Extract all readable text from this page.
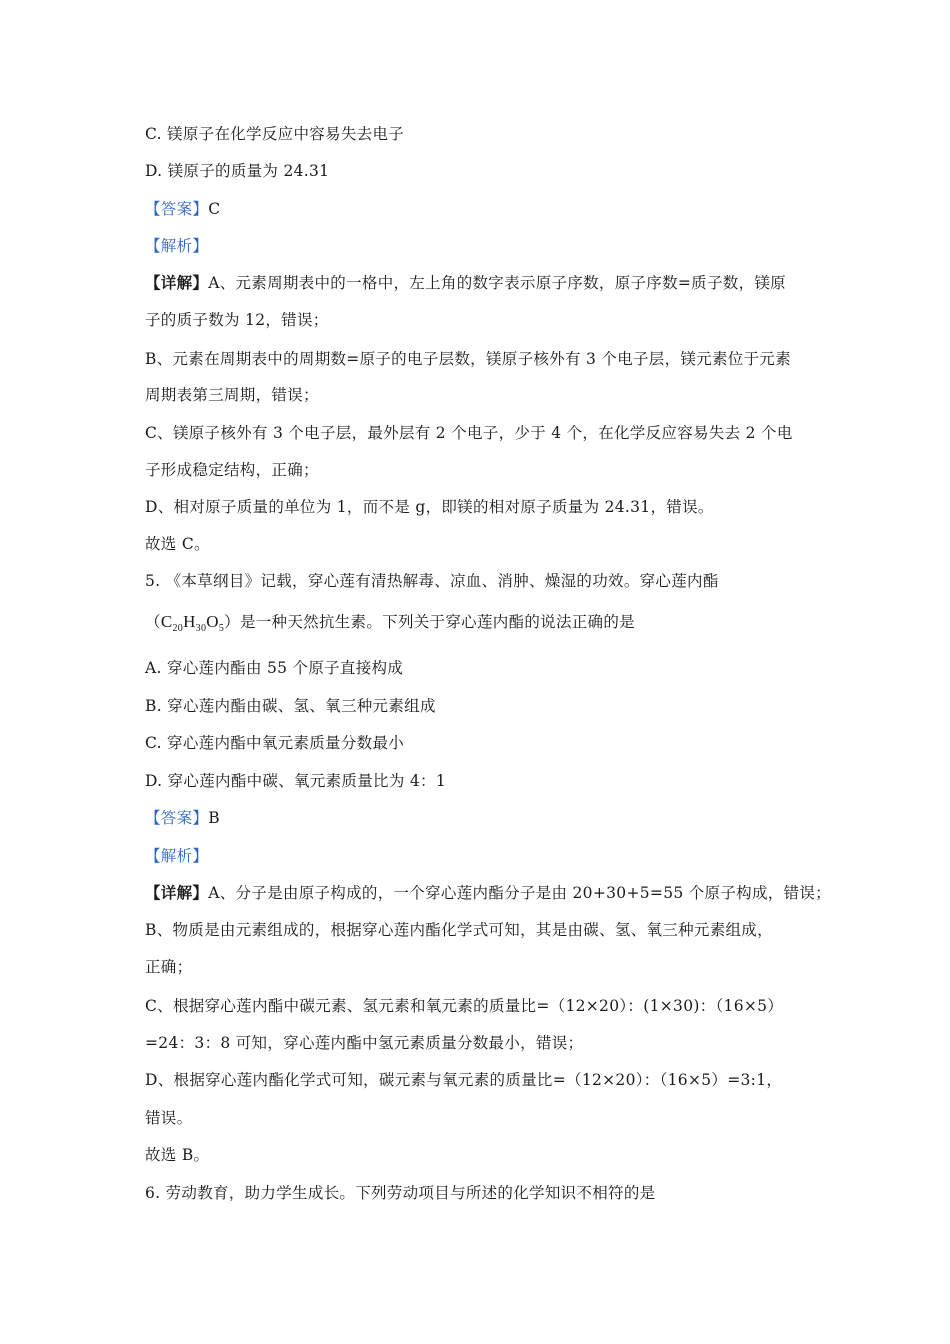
C. 镁原子在化学反应中容易失去电子
D. 镁原子的质量为 24.31
【答案】C
【解析】
【详解】A、元素周期表中的一格中，左上角的数字表示原子序数，原子序数=质子数，镁原
子的质子数为 12，错误；
B、元素在周期表中的周期数=原子的电子层数，镁原子核外有 3 个电子层，镁元素位于元素
周期表第三周期，错误；
C、镁原子核外有 3 个电子层，最外层有 2 个电子，少于 4 个，在化学反应容易失去 2 个电
子形成稳定结构，正确；
D、相对原子质量的单位为 1，而不是 g，即镁的相对原子质量为 24.31，错误。
故选 C。
5. 《本草纲目》记载，穿心莲有清热解毒、凉血、消肿、燥湿的功效。穿心莲内酯
$(C_{20}H_{30}O_5)$是一种天然抗生素。下列关于穿心莲内酯的说法正确的是
A. 穿心莲内酯由 55 个原子直接构成
B. 穿心莲内酯由碳、氢、氧三种元素组成
C. 穿心莲内酯中氧元素质量分数最小
D. 穿心莲内酯中碳、氧元素质量比为 4：1
【答案】B
【解析】
【详解】A、分子是由原子构成的，一个穿心莲内酯分子是由 20+30+5=55 个原子构成，错误；
B、物质是由元素组成的，根据穿心莲内酯化学式可知，其是由碳、氢、氧三种元素组成，
正确；
C、根据穿心莲内酯中碳元素、氢元素和氧元素的质量比=（12×20）：(1×30)：（16×5）
=24：3：8 可知，穿心莲内酯中氢元素质量分数最小，错误；
D、根据穿心莲内酯化学式可知，碳元素与氧元素的质量比=（12×20）：（16×5）=3:1，
错误。
故选 B。
6. 劳动教育，助力学生成长。下列劳动项目与所述的化学知识不相符的是
